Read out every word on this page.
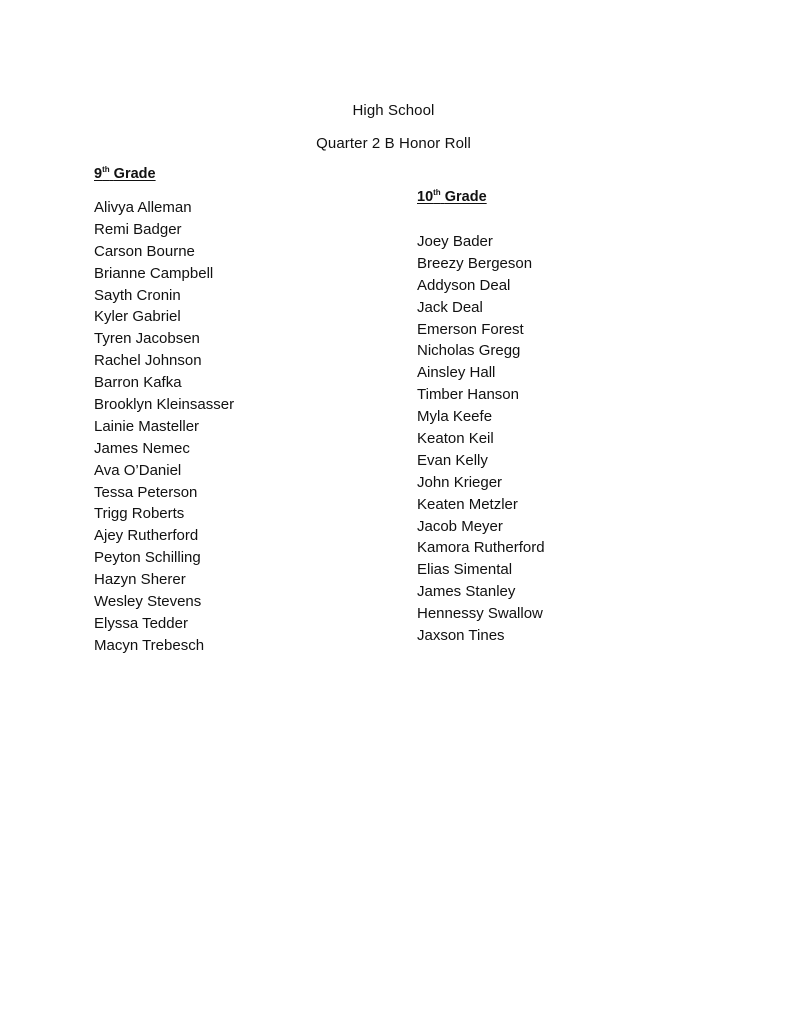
High School
Quarter 2 B Honor Roll
9th Grade
Alivya Alleman
Remi Badger
Carson Bourne
Brianne Campbell
Sayth Cronin
Kyler Gabriel
Tyren Jacobsen
Rachel Johnson
Barron Kafka
Brooklyn Kleinsasser
Lainie Masteller
James Nemec
Ava O’Daniel
Tessa Peterson
Trigg Roberts
Ajey Rutherford
Peyton Schilling
Hazyn Sherer
Wesley Stevens
Elyssa Tedder
Macyn Trebesch
10th Grade
Joey Bader
Breezy Bergeson
Addyson Deal
Jack Deal
Emerson Forest
Nicholas Gregg
Ainsley Hall
Timber Hanson
Myla Keefe
Keaton Keil
Evan Kelly
John Krieger
Keaten Metzler
Jacob Meyer
Kamora Rutherford
Elias Simental
James Stanley
Hennessy Swallow
Jaxson Tines
